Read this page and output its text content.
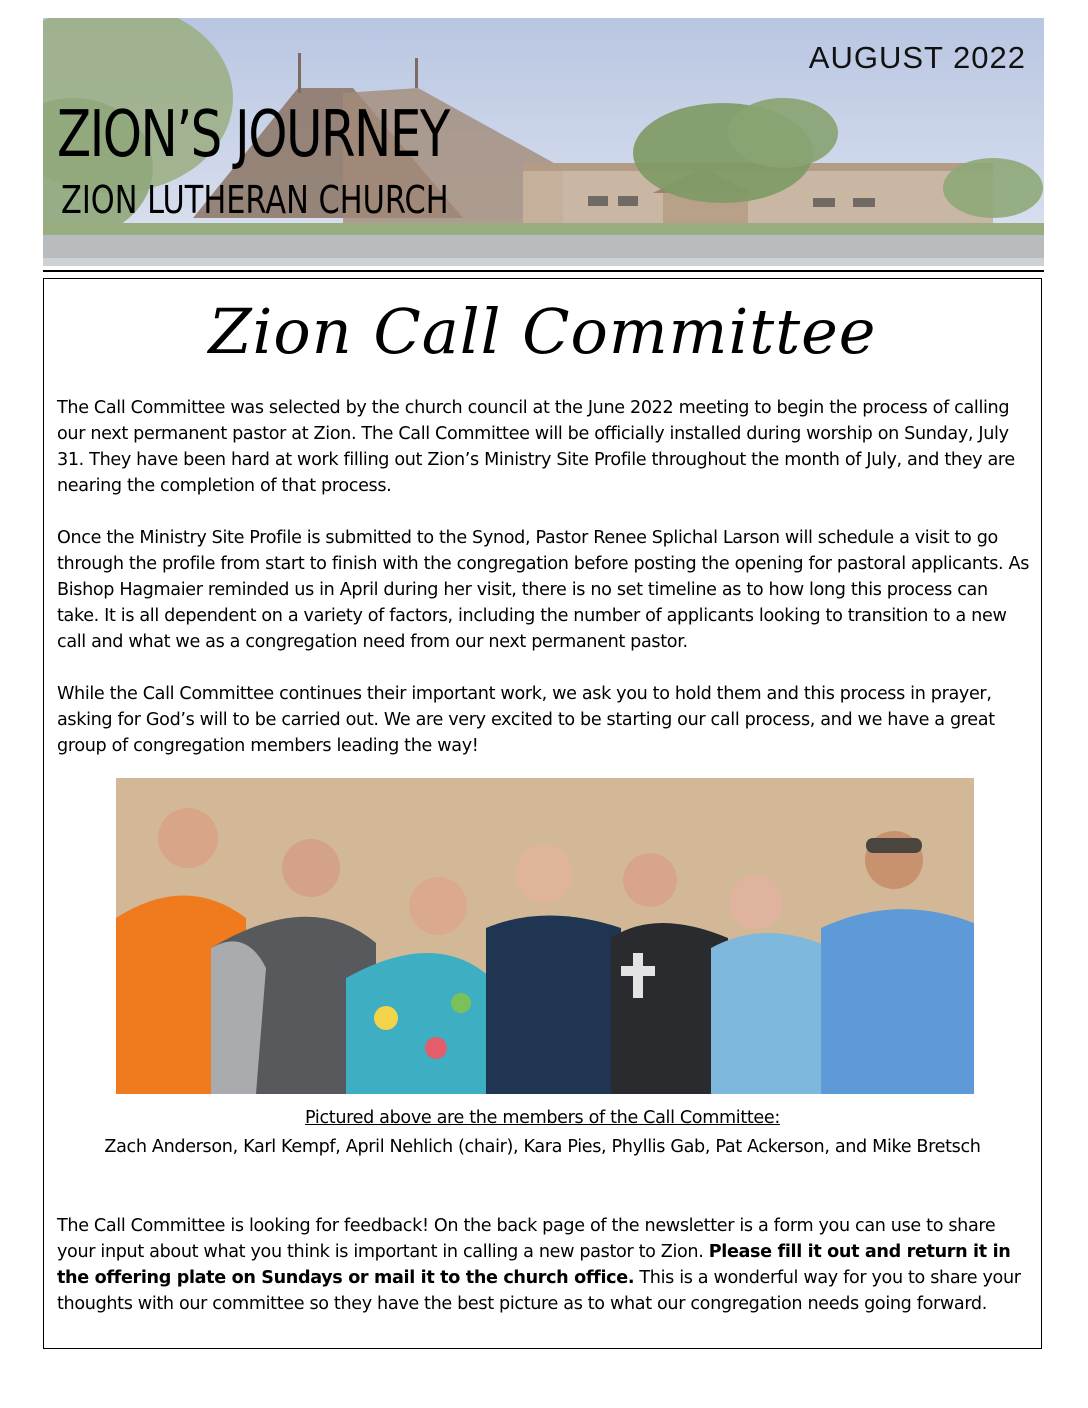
AUGUST 2022
ZION’S JOURNEY
ZION LUTHERAN CHURCH
Zion Call Committee

The Call Committee was selected by the church council at the June 2022 meeting to begin the process of calling our next permanent pastor at Zion. The Call Committee will be officially installed during worship on Sunday, July 31. They have been hard at work filling out Zion’s Ministry Site Profile throughout the month of July, and they are nearing the completion of that process.

Once the Ministry Site Profile is submitted to the Synod, Pastor Renee Splichal Larson will schedule a visit to go through the profile from start to finish with the congregation before posting the opening for pastoral applicants. As Bishop Hagmaier reminded us in April during her visit, there is no set timeline as to how long this process can take. It is all dependent on a variety of factors, including the number of applicants looking to transition to a new call and what we as a congregation need from our next permanent pastor.

While the Call Committee continues their important work, we ask you to hold them and this process in prayer, asking for God’s will to be carried out. We are very excited to be starting our call process, and we have a great group of congregation members leading the way!

Pictured above are the members of the Call Committee:
Zach Anderson, Karl Kempf, April Nehlich (chair), Kara Pies, Phyllis Gab, Pat Ackerson, and Mike Bretsch

The Call Committee is looking for feedback! On the back page of the newsletter is a form you can use to share your input about what you think is important in calling a new pastor to Zion. Please fill it out and return it in the offering plate on Sundays or mail it to the church office. This is a wonderful way for you to share your thoughts with our committee so they have the best picture as to what our congregation needs going forward.
